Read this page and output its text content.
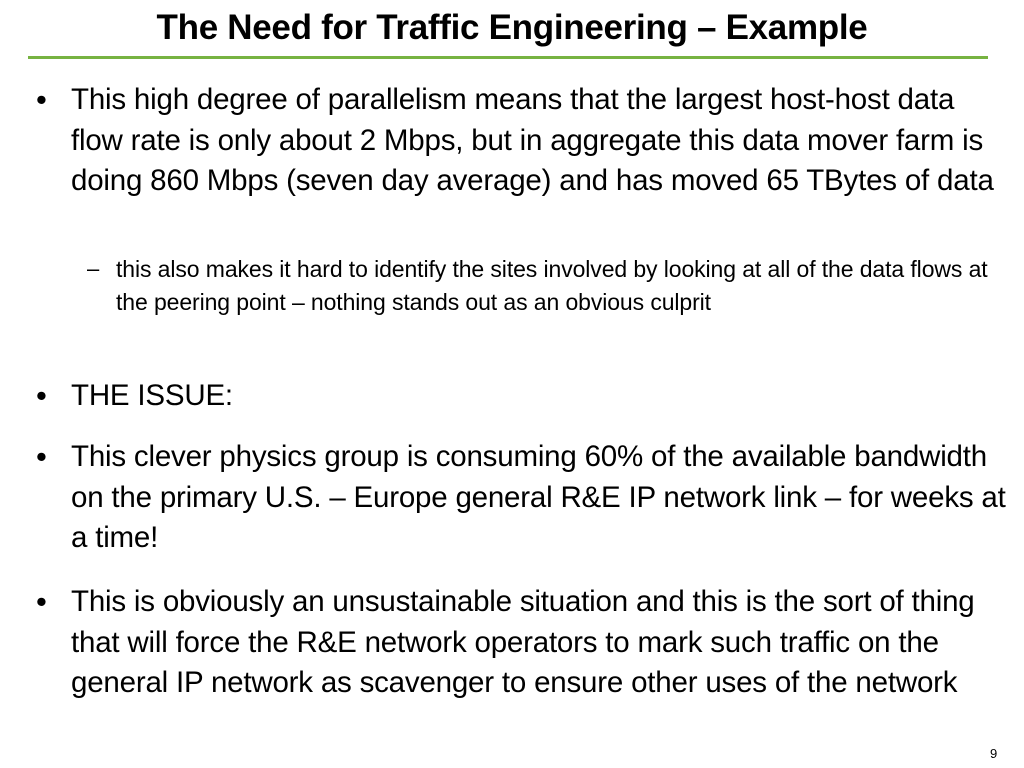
The Need for Traffic Engineering – Example
• This high degree of parallelism means that the largest host-host data flow rate is only about 2 Mbps, but in aggregate this data mover farm is doing 860 Mbps (seven day average) and has moved 65 TBytes of data
– this also makes it hard to identify the sites involved by looking at all of the data flows at the peering point – nothing stands out as an obvious culprit
• THE ISSUE:
• This clever physics group is consuming 60% of the available bandwidth on the primary U.S. – Europe general R&E IP network link – for weeks at a time!
• This is obviously an unsustainable situation and this is the sort of thing that will force the R&E network operators to mark such traffic on the general IP network as scavenger to ensure other uses of the network
9
